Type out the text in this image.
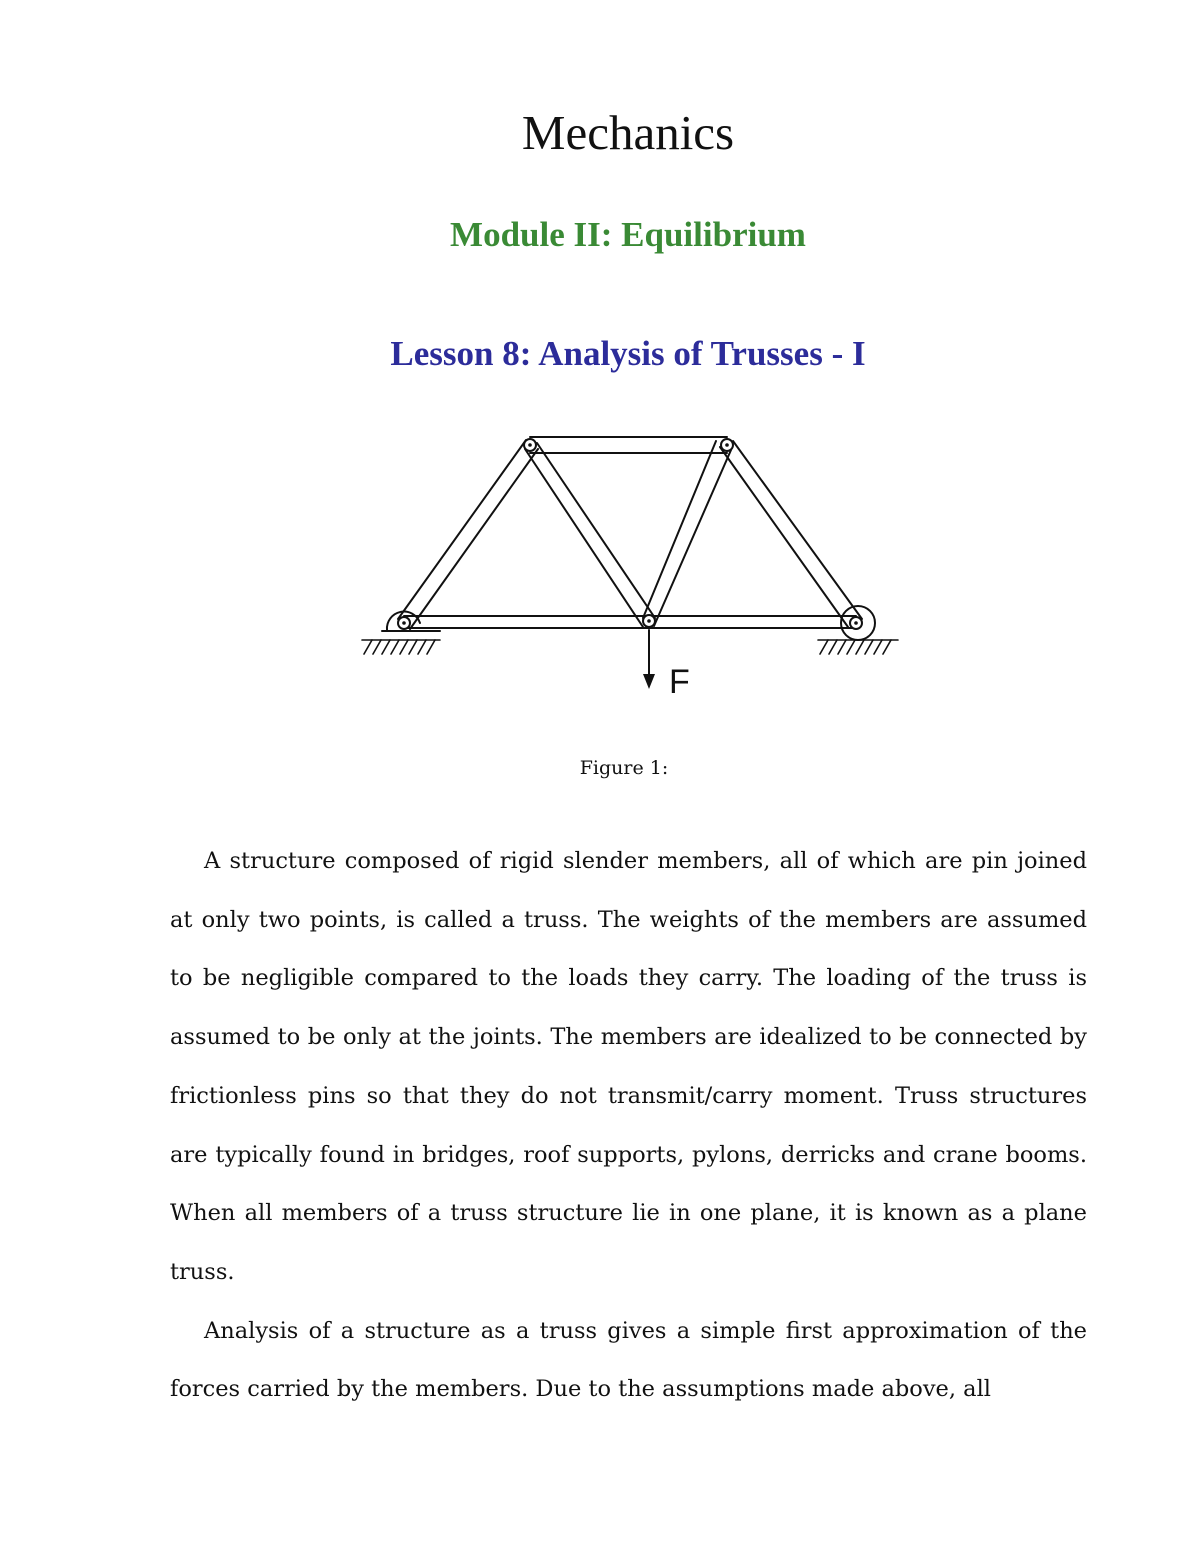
Mechanics
Module II: Equilibrium
Lesson 8: Analysis of Trusses - I
F
Figure 1:

A structure composed of rigid slender members, all of which are pin joined at only two points, is called a truss. The weights of the members are assumed to be negligible compared to the loads they carry. The loading of the truss is assumed to be only at the joints. The members are idealized to be connected by frictionless pins so that they do not transmit/carry moment. Truss structures are typically found in bridges, roof supports, pylons, derricks and crane booms. When all members of a truss structure lie in one plane, it is known as a plane truss.

Analysis of a structure as a truss gives a simple first approximation of the forces carried by the members. Due to the assumptions made above, all
